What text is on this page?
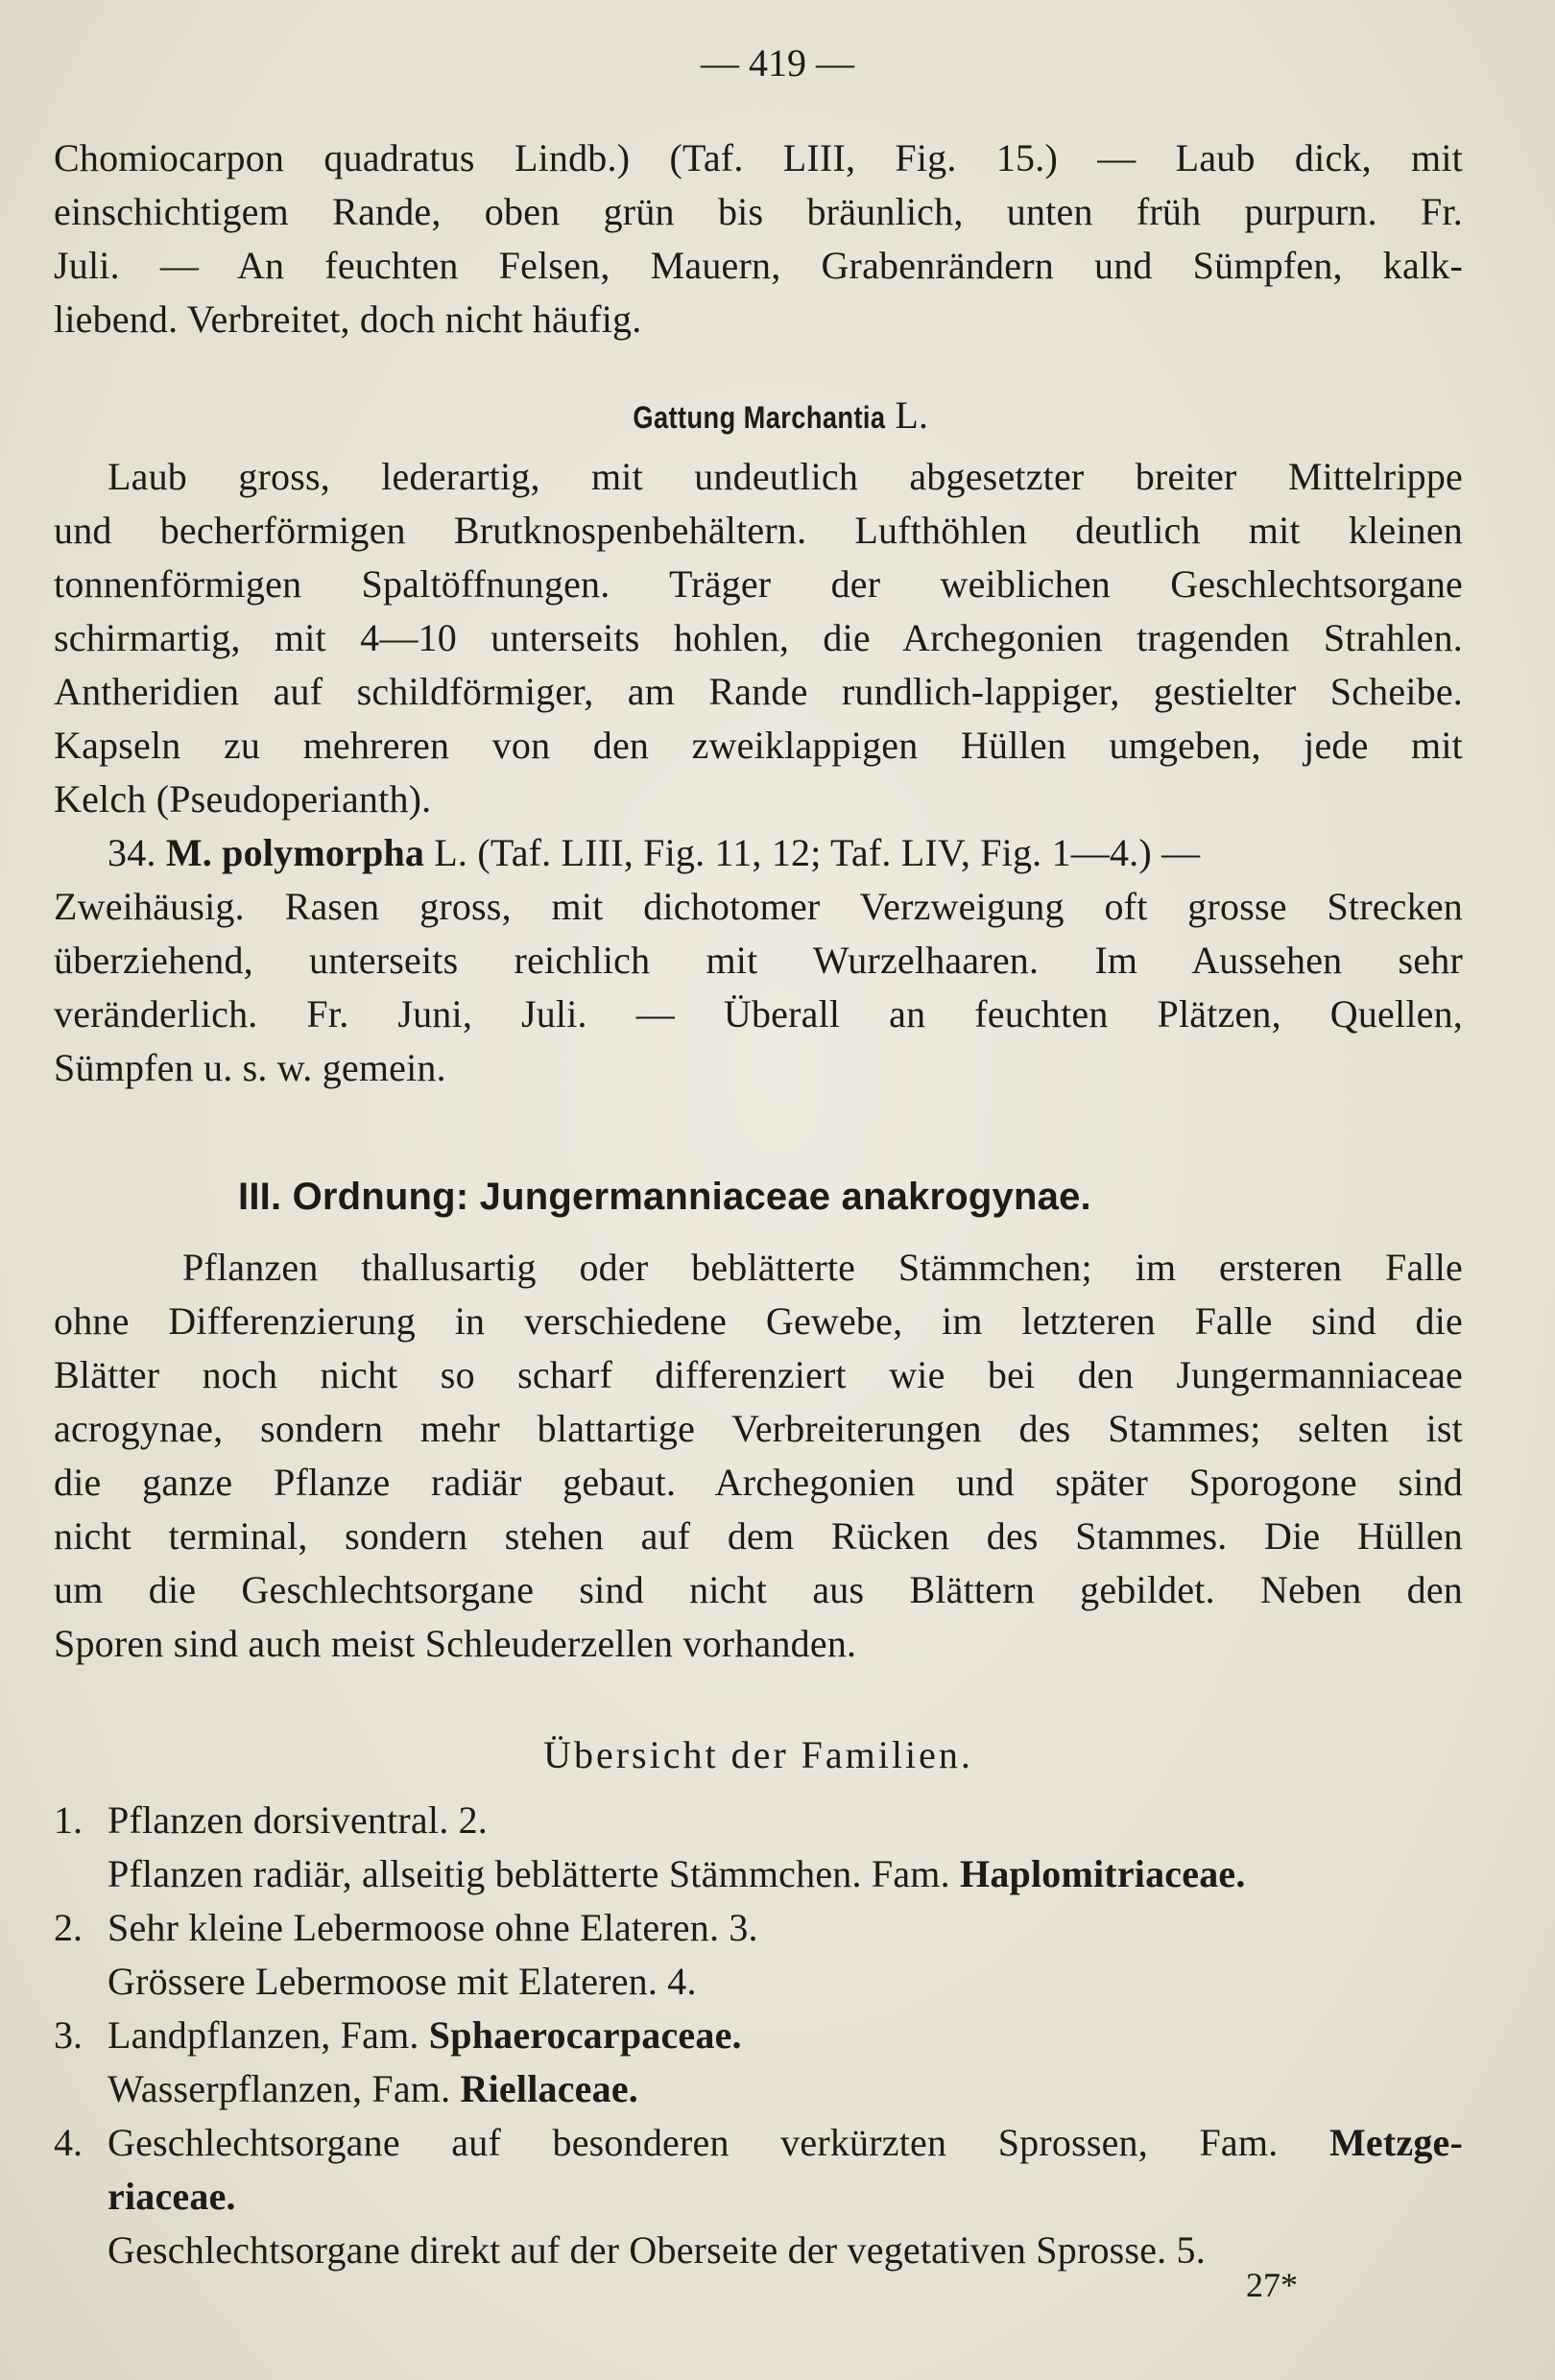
— 419 —
Chomiocarpon quadratus Lindb.) (Taf. LIII, Fig. 15.) — Laub dick, mit
einschichtigem Rande, oben grün bis bräunlich, unten früh purpurn. Fr.
Juli. — An feuchten Felsen, Mauern, Grabenrändern und Sümpfen, kalk-
liebend. Verbreitet, doch nicht häufig.
Gattung Marchantia L.
Laub gross, lederartig, mit undeutlich abgesetzter breiter Mittelrippe
und becherförmigen Brutknospenbehältern. Lufthöhlen deutlich mit kleinen
tonnenförmigen Spaltöffnungen. Träger der weiblichen Geschlechtsorgane
schirmartig, mit 4—10 unterseits hohlen, die Archegonien tragenden Strahlen.
Antheridien auf schildförmiger, am Rande rundlich-lappiger, gestielter Scheibe.
Kapseln zu mehreren von den zweiklappigen Hüllen umgeben, jede mit
Kelch (Pseudoperianth).
34. M. polymorpha L. (Taf. LIII, Fig. 11, 12; Taf. LIV, Fig. 1—4.) —
Zweihäusig. Rasen gross, mit dichotomer Verzweigung oft grosse Strecken
überziehend, unterseits reichlich mit Wurzelhaaren. Im Aussehen sehr
veränderlich. Fr. Juni, Juli. — Überall an feuchten Plätzen, Quellen,
Sümpfen u. s. w. gemein.
III. Ordnung: Jungermanniaceae anakrogynae.
Pflanzen thallusartig oder beblätterte Stämmchen; im ersteren Falle
ohne Differenzierung in verschiedene Gewebe, im letzteren Falle sind die
Blätter noch nicht so scharf differenziert wie bei den Jungermanniaceae
acrogynae, sondern mehr blattartige Verbreiterungen des Stammes; selten ist
die ganze Pflanze radiär gebaut. Archegonien und später Sporogone sind
nicht terminal, sondern stehen auf dem Rücken des Stammes. Die Hüllen
um die Geschlechtsorgane sind nicht aus Blättern gebildet. Neben den
Sporen sind auch meist Schleuderzellen vorhanden.
Übersicht der Familien.
1. Pflanzen dorsiventral. 2.
Pflanzen radiär, allseitig beblätterte Stämmchen. Fam. Haplomitriaceae.
2. Sehr kleine Lebermoose ohne Elateren. 3.
Grössere Lebermoose mit Elateren. 4.
3. Landpflanzen, Fam. Sphaerocarpaceae.
Wasserpflanzen, Fam. Riellaceae.
4. Geschlechtsorgane auf besonderen verkürzten Sprossen, Fam. Metzge-
riaceae.
Geschlechtsorgane direkt auf der Oberseite der vegetativen Sprosse. 5.
27*
